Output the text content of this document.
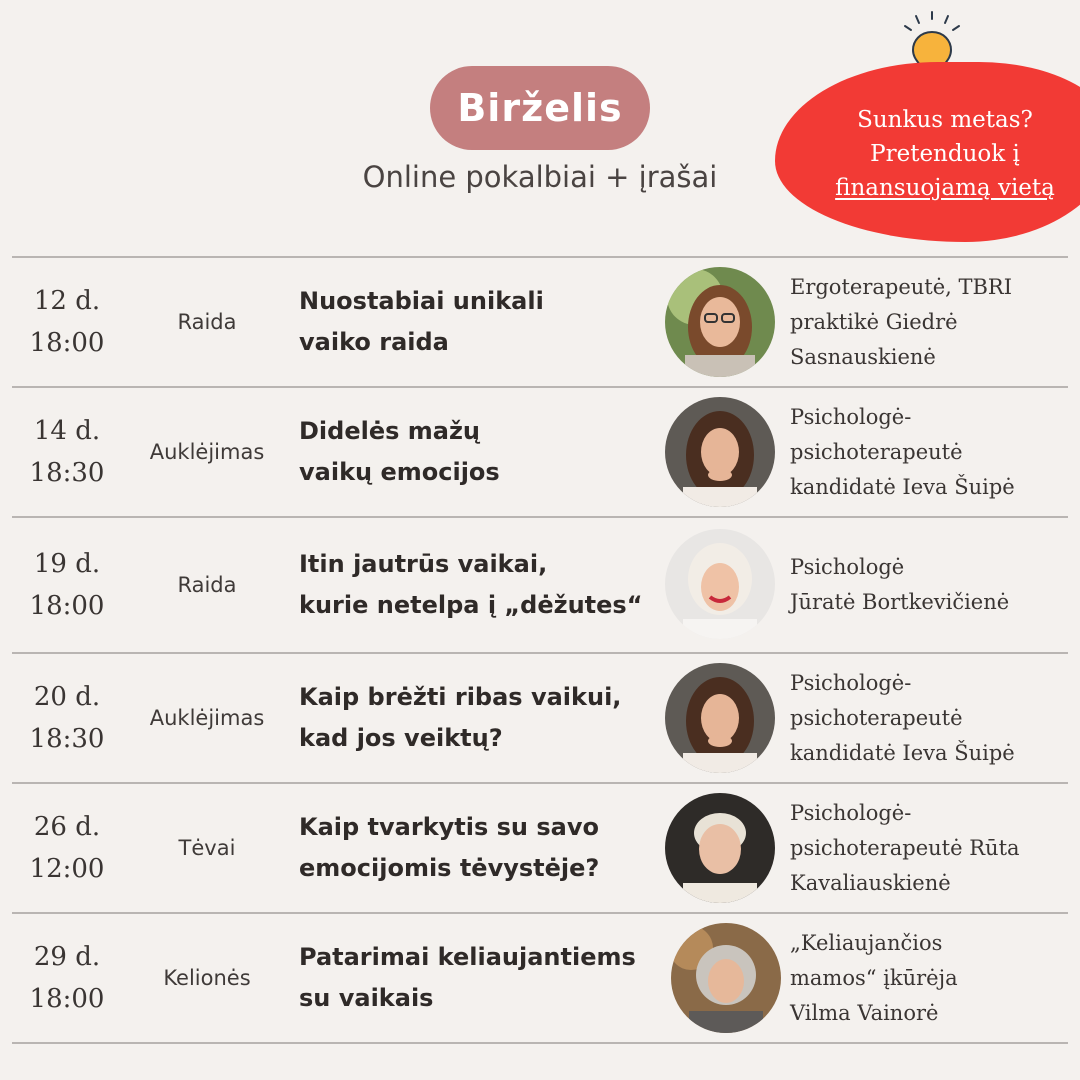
Birželis
Online pokalbiai + įrašai
Sunkus metas?
Pretenduok į
finansuojamą vietą
12 d.
18:00
Raida
Nuostabiai unikali
vaiko raida
Ergoterapeutė, TBRI
praktikė Giedrė
Sasnauskienė
14 d.
18:30
Auklėjimas
Didelės mažų
vaikų emocijos
Psichologė-
psichoterapeutė
kandidatė Ieva Šuipė
19 d.
18:00
Raida
Itin jautrūs vaikai,
kurie netelpa į „dėžutes“
Psichologė
Jūratė Bortkevičienė
20 d.
18:30
Auklėjimas
Kaip brėžti ribas vaikui,
kad jos veiktų?
Psichologė-
psichoterapeutė
kandidatė Ieva Šuipė
26 d.
12:00
Tėvai
Kaip tvarkytis su savo
emocijomis tėvystėje?
Psichologė-
psichoterapeutė Rūta
Kavaliauskienė
29 d.
18:00
Kelionės
Patarimai keliaujantiems
su vaikais
„Keliaujančios
mamos“ įkūrėja
Vilma Vainorė
